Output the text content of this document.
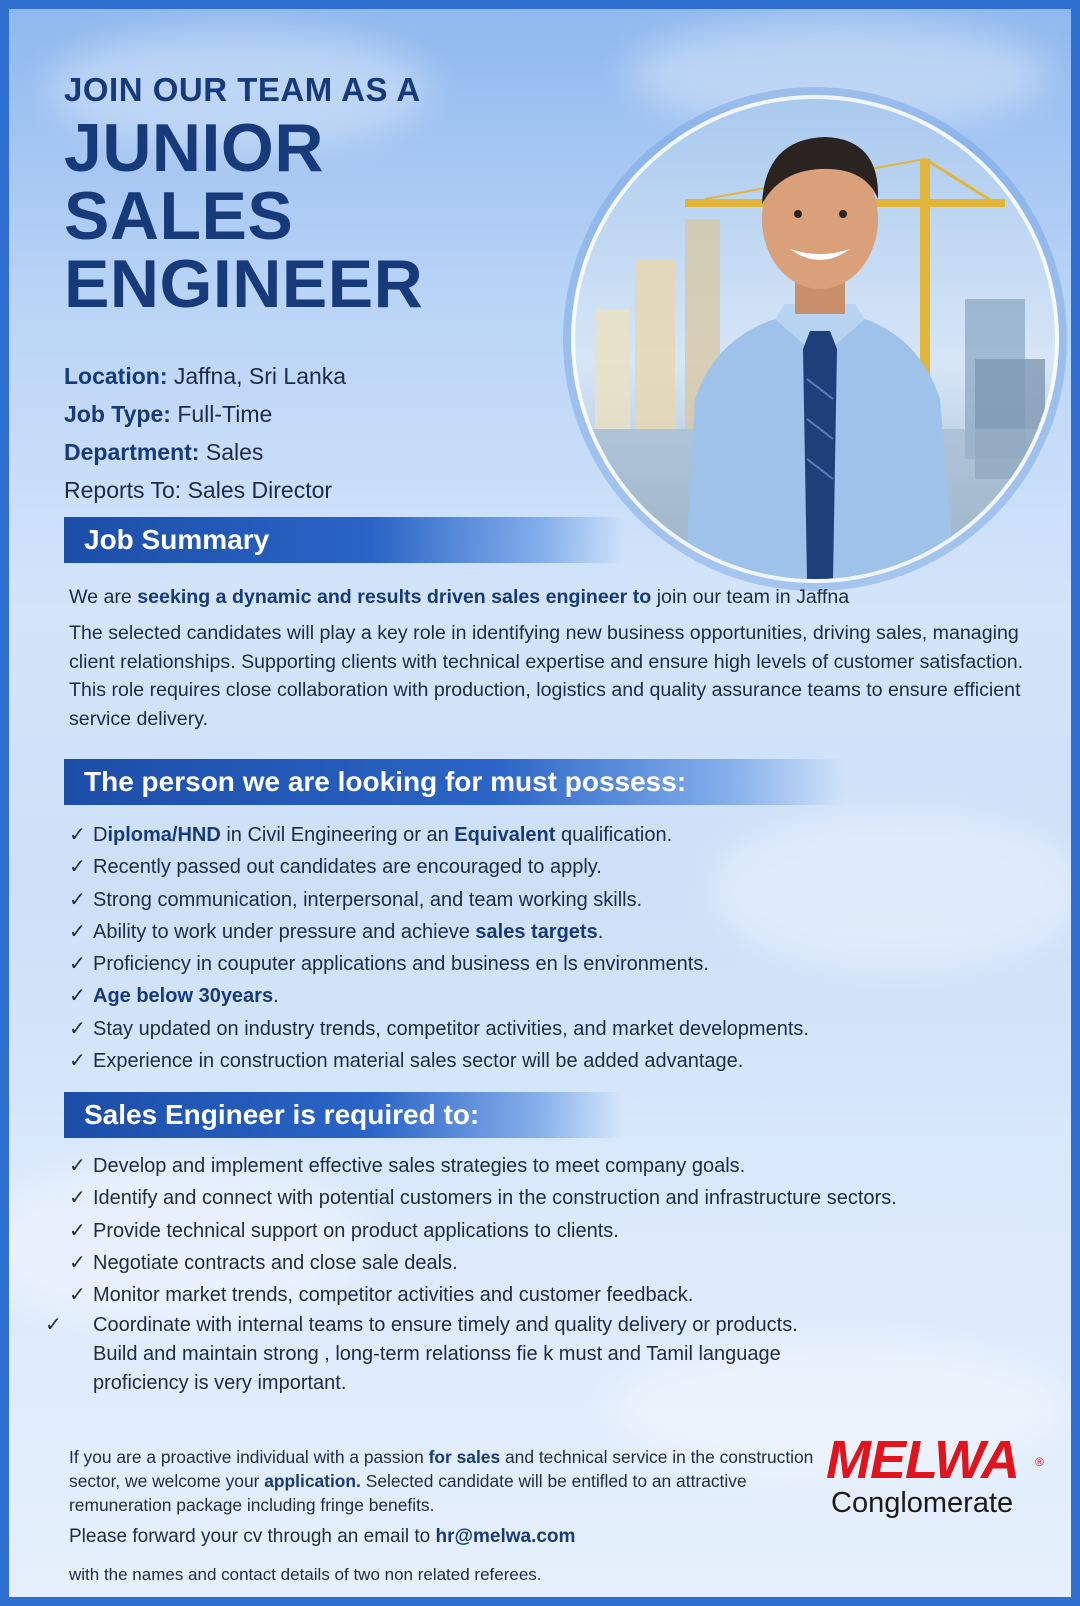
JOIN OUR TEAM AS A
JUNIOR
SALES
ENGINEER
Location: Jaffna, Sri Lanka
Job Type: Full-Time
Department: Sales
Reports To: Sales Director
Job Summary
We are seeking a dynamic and results driven sales engineer to join our team in Jaffna
The selected candidates will play a key role in identifying new business opportunities, driving sales, managing client relationships. Supporting clients with technical expertise and ensure high levels of customer satisfaction. This role requires close collaboration with production, logistics and quality assurance teams to ensure efficient service delivery.
The person we are looking for must possess:
✓ Diploma/HND in Civil Engineering or an Equivalent qualification.
✓ Recently passed out candidates are encouraged to apply.
✓ Strong communication, interpersonal, and team working skills.
✓ Ability to work under pressure and achieve sales targets.
✓ Proficiency in couputer applications and business en ls environments.
✓ Age below 30years.
✓ Stay updated on industry trends, competitor activities, and market developments.
✓ Experience in construction material sales sector will be added advantage.
Sales Engineer is required to:
✓ Develop and implement effective sales strategies to meet company goals.
✓ Identify and connect with potential customers in the construction and infrastructure sectors.
✓ Provide technical support on product applications to clients.
✓ Negotiate contracts and close sale deals.
✓ Monitor market trends, competitor activities and customer feedback.
✓ Coordinate with internal teams to ensure timely and quality delivery or products. Build and maintain strong , long-term relationss fie k must and Tamil language proficiency is very important.
If you are a proactive individual with a passion for sales and technical service in the construction sector, we welcome your application. Selected candidate will be entifled to an attractive remuneration package including fringe benefits.
Please forward your cv through an email to hr@melwa.com
with the names and contact details of two non related referees.
MELWA ®
Conglomerate
